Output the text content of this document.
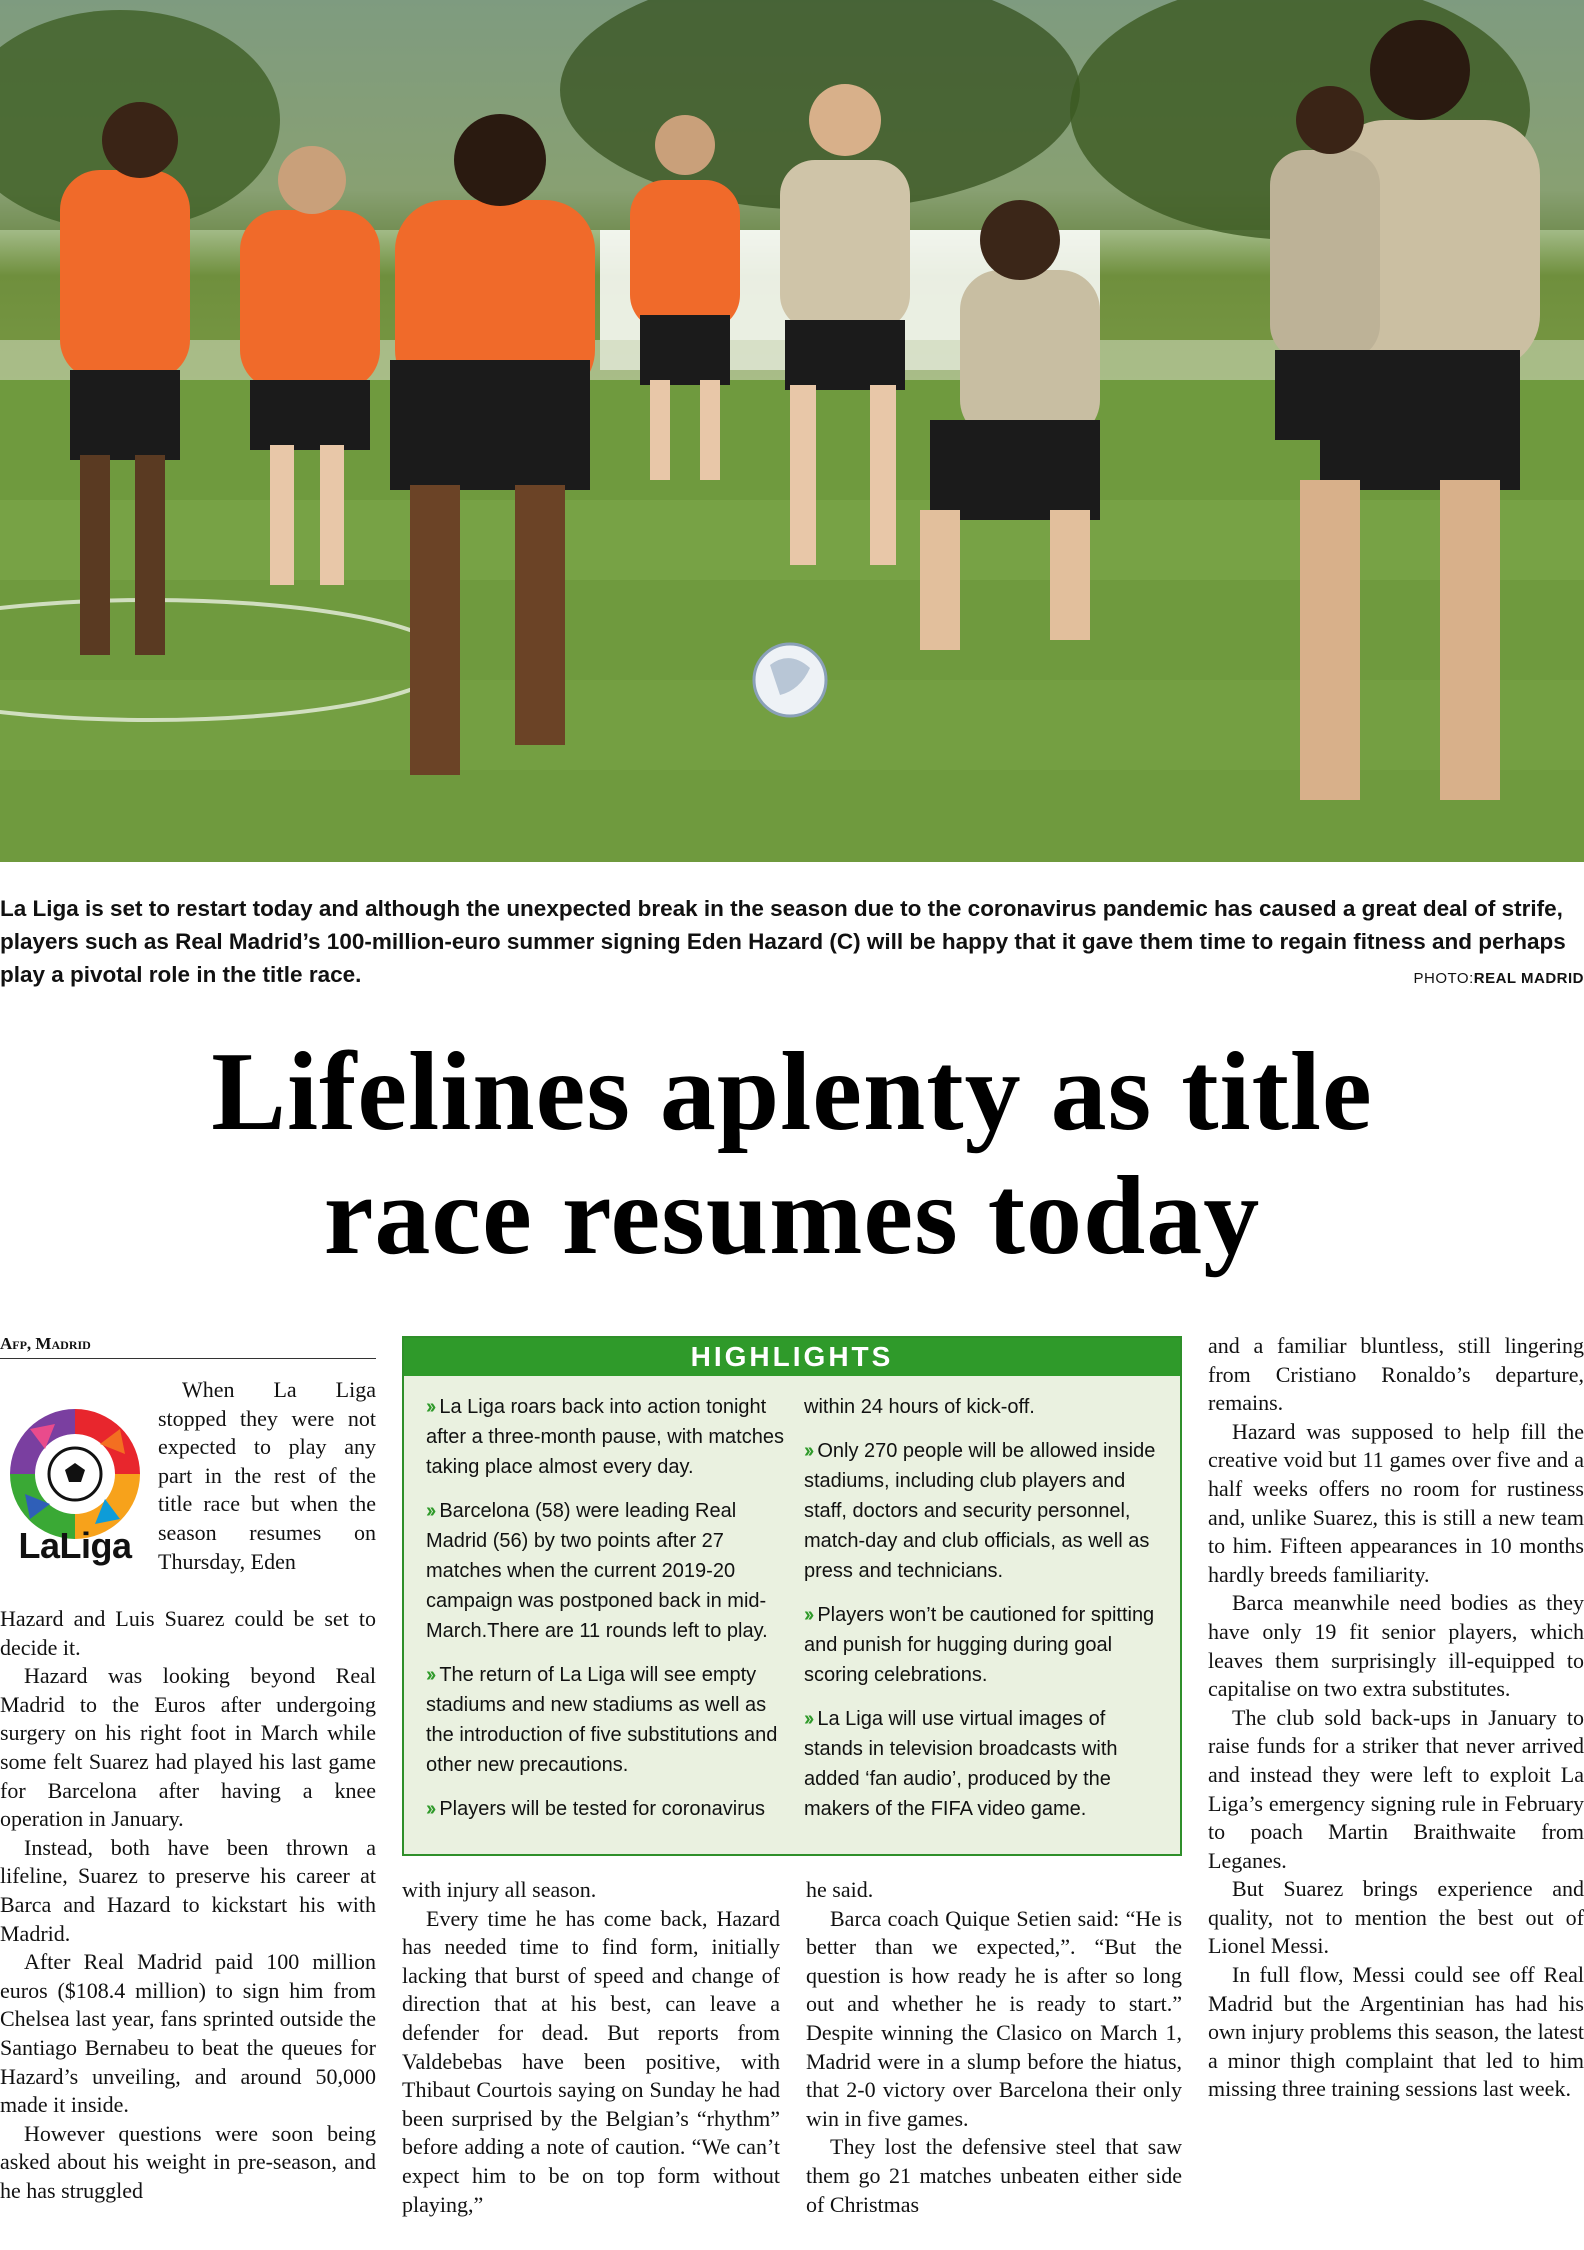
La Liga is set to restart today and although the unexpected break in the season due to the coronavirus pandemic has caused a great deal of strife, players such as Real Madrid’s 100-million-euro summer signing Eden Hazard (C) will be happy that it gave them time to regain fitness and perhaps play a pivotal role in the title race.	PHOTO:REAL MADRID
Lifelines aplenty as title
race resumes today
Afp, Madrid
LaLiga

When La Liga stopped they were not expected to play any part in the rest of the title race but when the season resumes on Thursday, Eden

Hazard and Luis Suarez could be set to decide it.

Hazard was looking beyond Real Madrid to the Euros after undergoing surgery on his right foot in March while some felt Suarez had played his last game for Barcelona after having a knee operation in January.

Instead, both have been thrown a lifeline, Suarez to preserve his career at Barca and Hazard to kickstart his with Madrid.

After Real Madrid paid 100 million euros ($108.4 million) to sign him from Chelsea last year, fans sprinted outside the Santiago Bernabeu to beat the queues for Hazard’s unveiling, and around 50,000 made it inside.

However questions were soon being asked about his weight in pre-season, and he has struggled

HIGHLIGHTS
›› La Liga roars back into action tonight after a three-month pause, with matches taking place almost every day.
›› Barcelona (58) were leading Real Madrid (56) by two points after 27 matches when the current 2019-20 campaign was postponed back in mid-March.There are 11 rounds left to play.
›› The return of La Liga will see empty stadiums and new stadiums as well as the introduction of five substitutions and other new precautions.
›› Players will be tested for coronavirus
within 24 hours of kick-off.
›› Only 270 people will be allowed inside stadiums, including club players and staff, doctors and security personnel, match-day and club officials, as well as press and technicians.
›› Players won’t be cautioned for spitting and punish for hugging during goal scoring celebrations.
›› La Liga will use virtual images of stands in television broadcasts with added ‘fan audio’, produced by the makers of the FIFA video game.

with injury all season.

Every time he has come back, Hazard has needed time to find form, initially lacking that burst of speed and change of direction that at his best, can leave a defender for dead. But reports from Valdebebas have been positive, with Thibaut Courtois saying on Sunday he had been surprised by the Belgian’s “rhythm” before adding a note of caution. “We can’t expect him to be on top form without playing,”

he said.

Barca coach Quique Setien said: “He is better than we expected,”. “But the question is how ready he is after so long out and whether he is ready to start.” Despite winning the Clasico on March 1, Madrid were in a slump before the hiatus, that 2-0 victory over Barcelona their only win in five games.

They lost the defensive steel that saw them go 21 matches unbeaten either side of Christmas

and a familiar bluntless, still lingering from Cristiano Ronaldo’s departure, remains.

Hazard was supposed to help fill the creative void but 11 games over five and a half weeks offers no room for rustiness and, unlike Suarez, this is still a new team to him. Fifteen appearances in 10 months hardly breeds familiarity.

Barca meanwhile need bodies as they have only 19 fit senior players, which leaves them surprisingly ill-equipped to capitalise on two extra substitutes.

The club sold back-ups in January to raise funds for a striker that never arrived and instead they were left to exploit La Liga’s emergency signing rule in February to poach Martin Braithwaite from Leganes.

But Suarez brings experience and quality, not to mention the best out of Lionel Messi.

In full flow, Messi could see off Real Madrid but the Argentinian has had his own injury problems this season, the latest a minor thigh complaint that led to him missing three training sessions last week.
